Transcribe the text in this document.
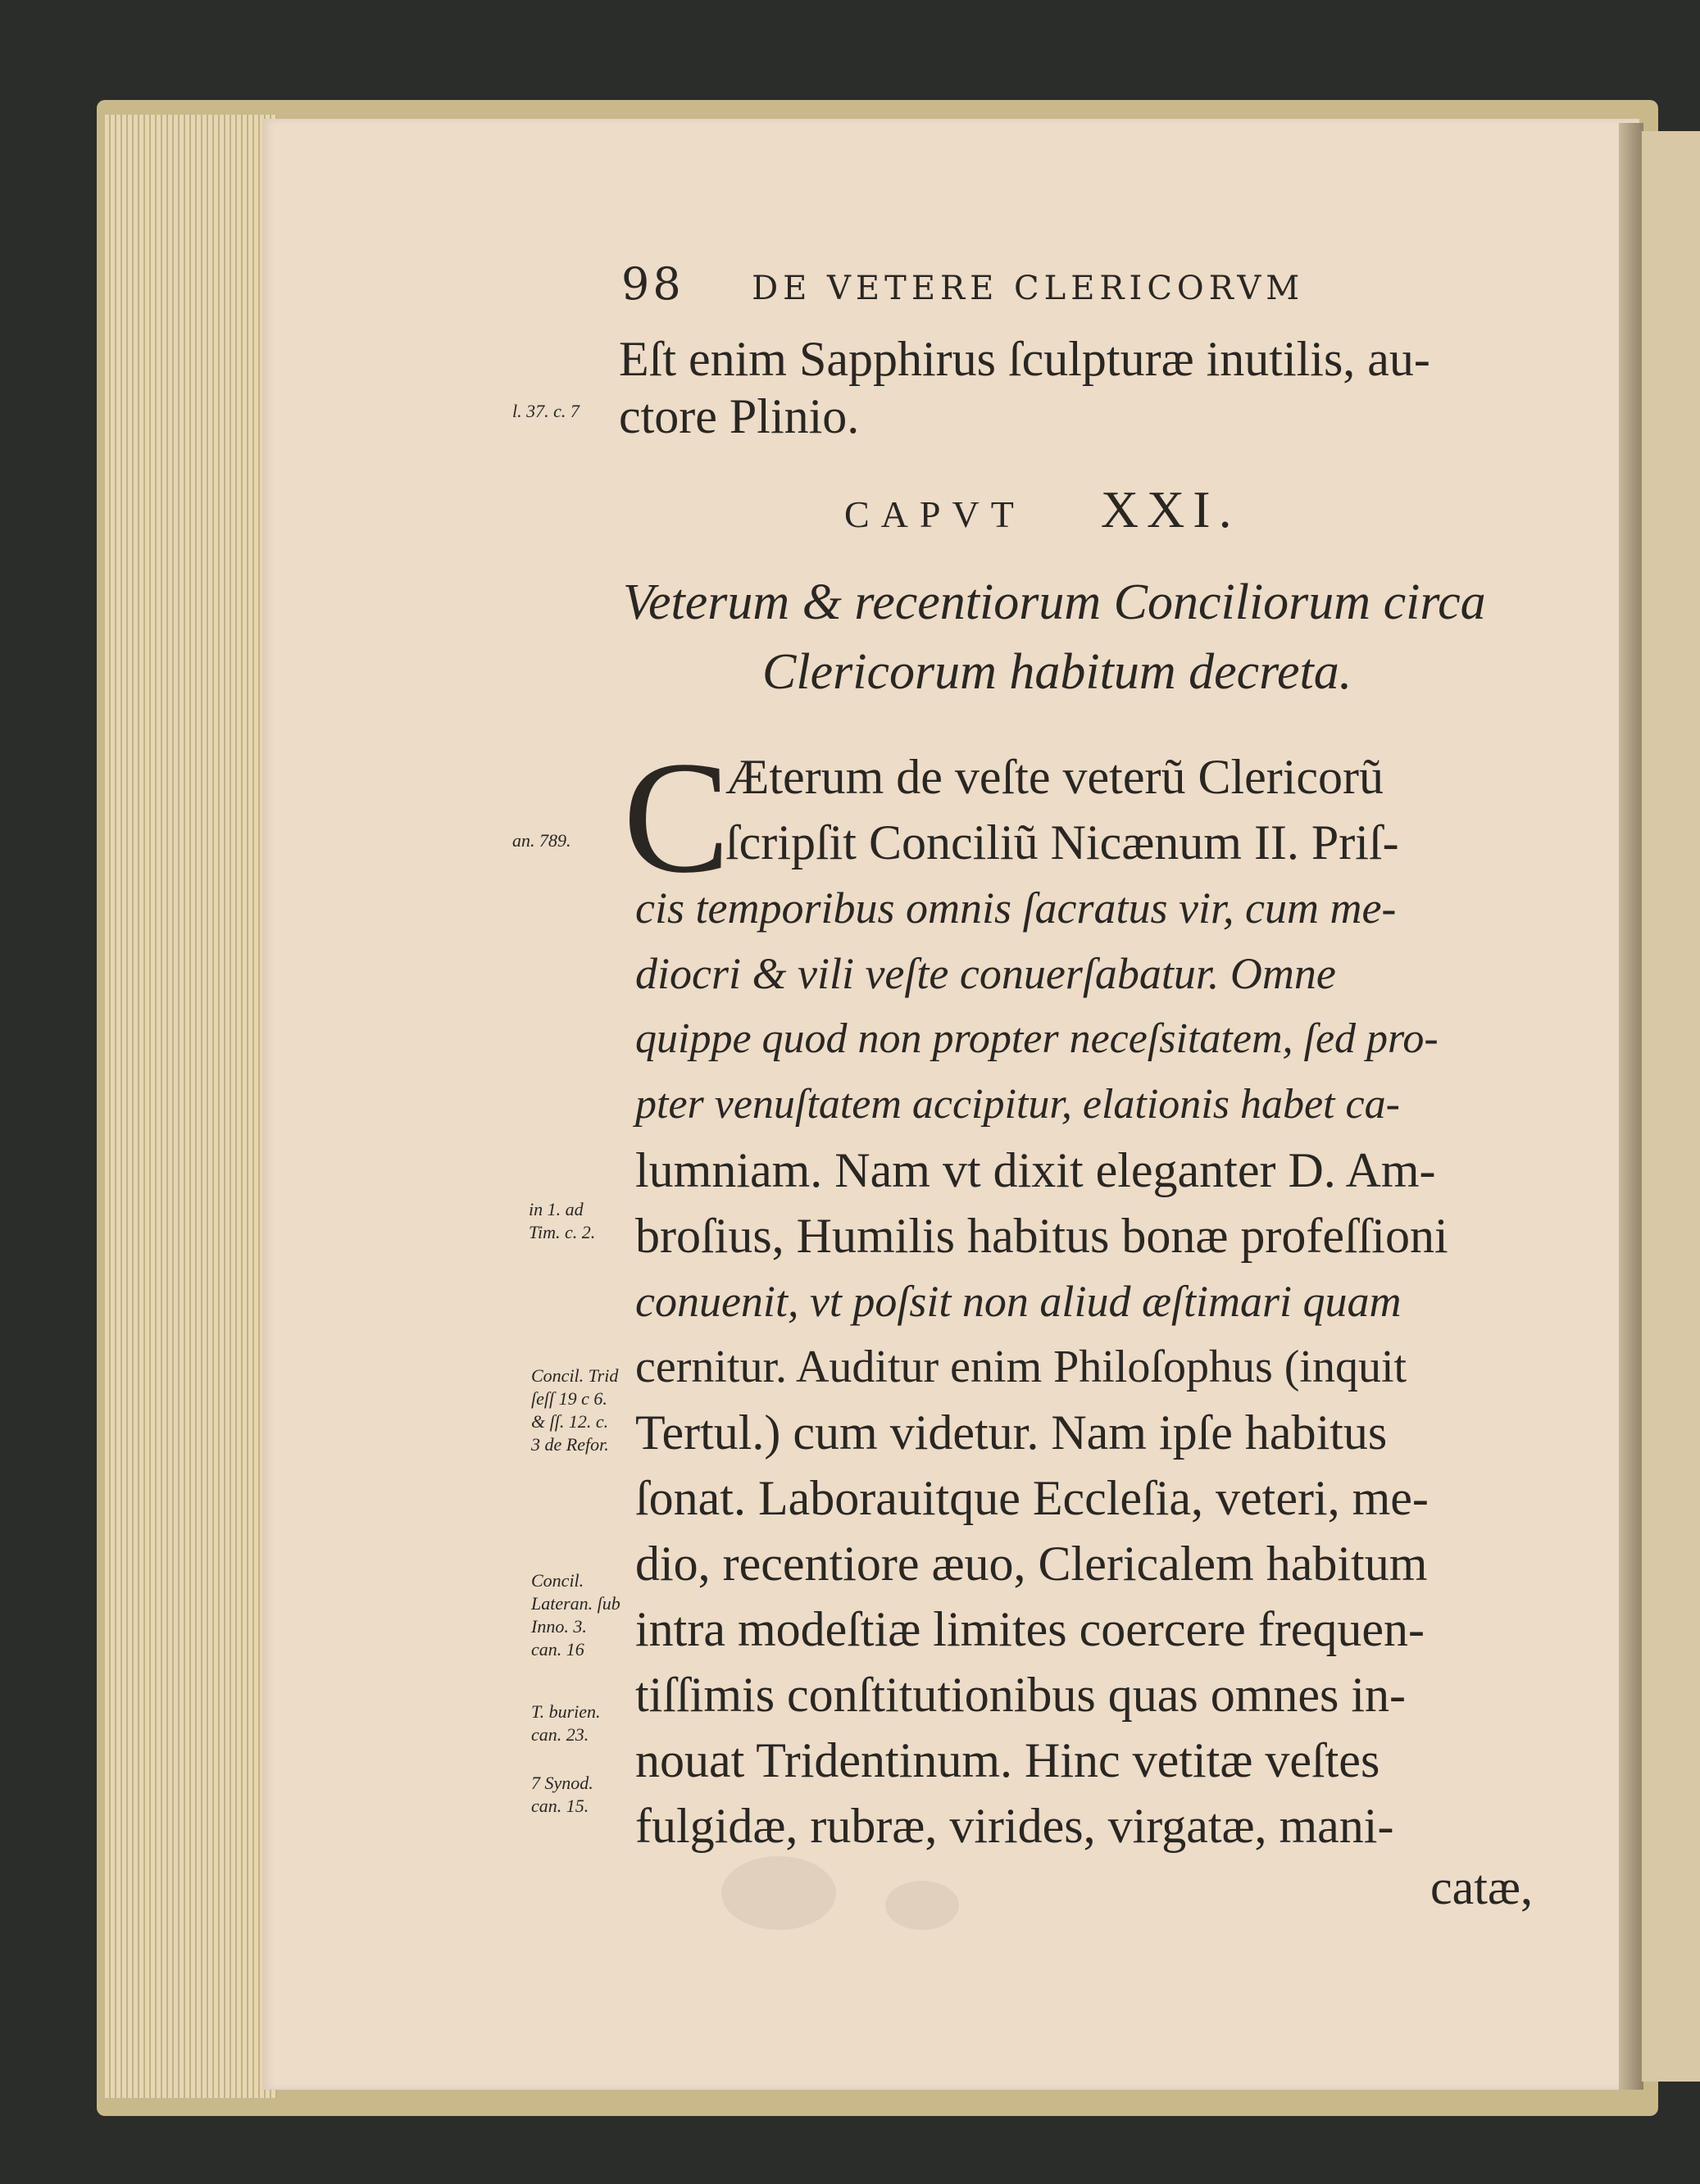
98 DE VETERE CLERICORVM
Eſt enim Sapphirus ſculpturæ inutilis, au-
ctore Plinio.
CAPVT XXI.
Veterum & recentiorum Conciliorum circa
Clericorum habitum decreta.
C
Æterum de veſte veterũ Clericorũ
ſcripſit Conciliũ Nicænum II. Priſ-
cis temporibus omnis ſacratus vir, cum me-
diocri & vili veſte conuerſabatur. Omne
quippe quod non propter neceſsitatem, ſed pro-
pter venuſtatem accipitur, elationis habet ca-
lumniam. Nam vt dixit eleganter D. Am-
broſius, Humilis habitus bonæ profeſſioni
conuenit, vt poſsit non aliud æſtimari quam
cernitur. Auditur enim Philoſophus (inquit
Tertul.) cum videtur. Nam ipſe habitus
ſonat. Laborauitque Eccleſia, veteri, me-
dio, recentiore æuo, Clericalem habitum
intra modeſtiæ limites coercere frequen-
tiſſimis conſtitutionibus quas omnes in-
nouat Tridentinum. Hinc vetitæ veſtes
fulgidæ, rubræ, virides, virgatæ, mani-
catæ,
l. 37. c. 7
an. 789.
in 1. ad Tim. c. 2.
Concil. Trid ſeſſ 19 c 6. & ſſ. 12. c. 3 de Refor.
Concil. Lateran. ſub Inno. 3. can. 16
T. burien. can. 23.
7 Synod. can. 15.
